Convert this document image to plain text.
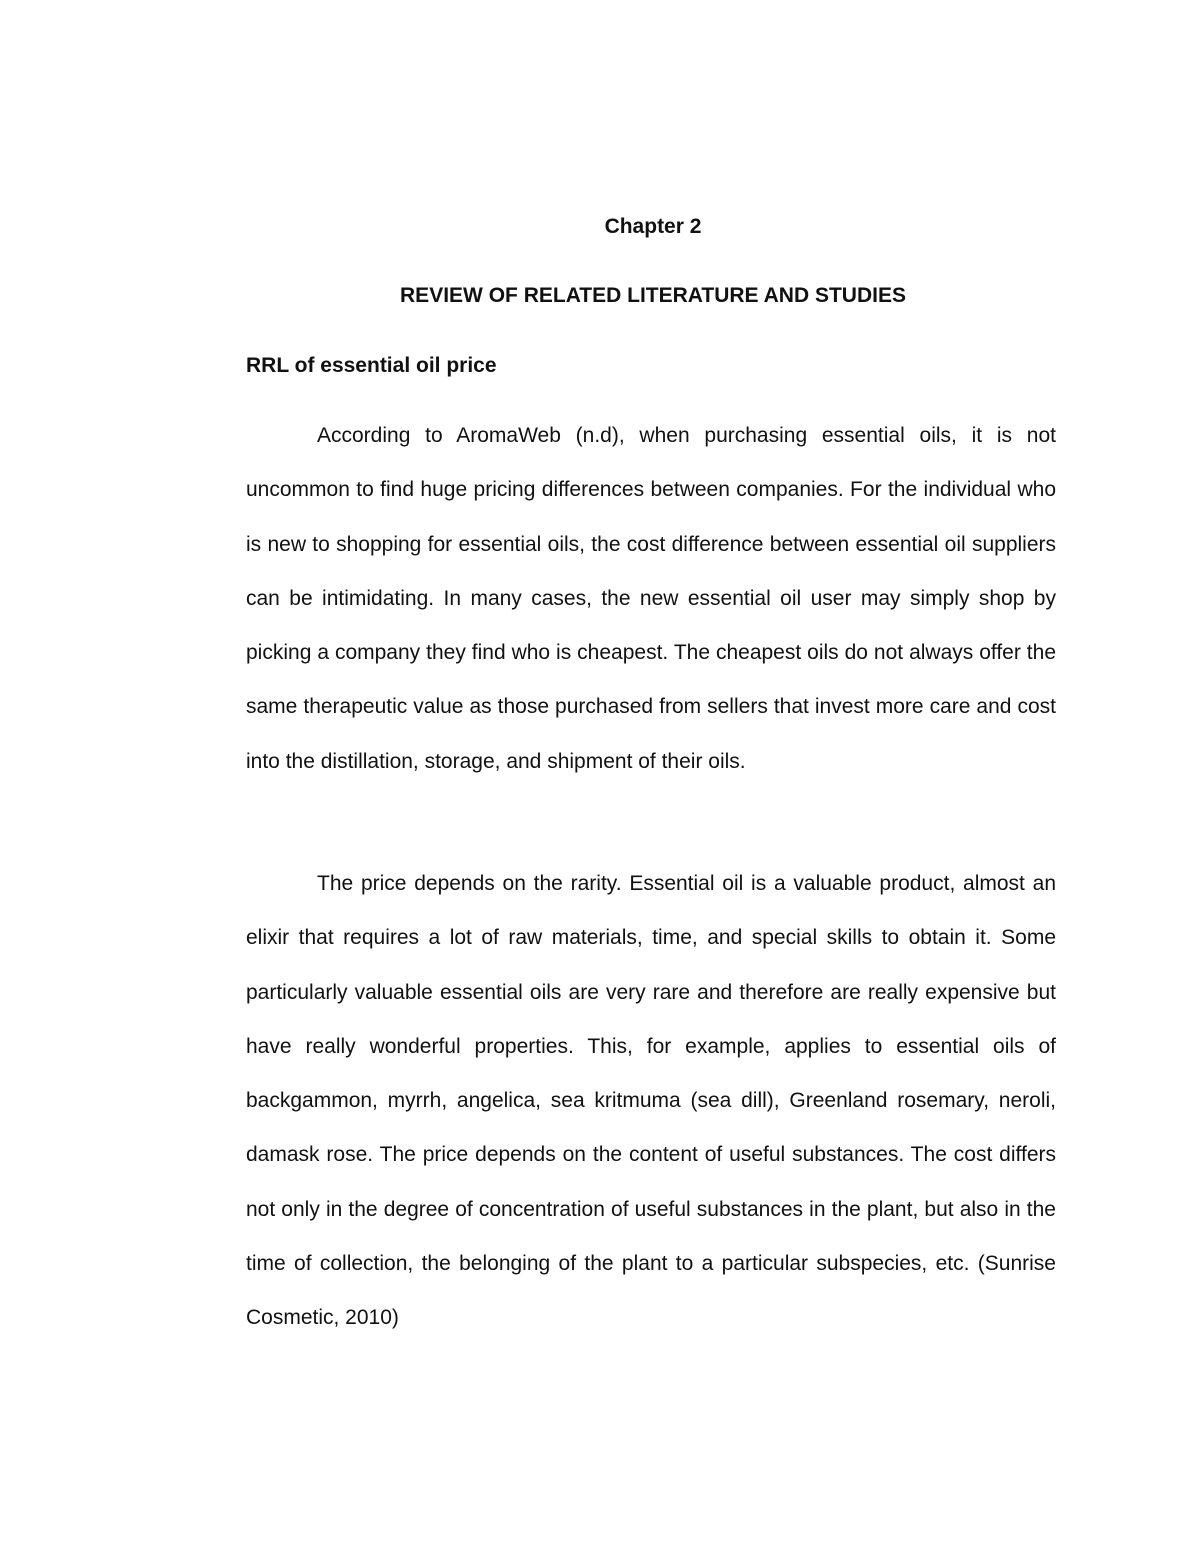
Chapter 2
REVIEW OF RELATED LITERATURE AND STUDIES
RRL of essential oil price

According to AromaWeb (n.d), when purchasing essential oils, it is not uncommon to find huge pricing differences between companies. For the individual who is new to shopping for essential oils, the cost difference between essential oil suppliers can be intimidating. In many cases, the new essential oil user may simply shop by picking a company they find who is cheapest. The cheapest oils do not always offer the same therapeutic value as those purchased from sellers that invest more care and cost into the distillation, storage, and shipment of their oils.

The price depends on the rarity. Essential oil is a valuable product, almost an elixir that requires a lot of raw materials, time, and special skills to obtain it. Some particularly valuable essential oils are very rare and therefore are really expensive but have really wonderful properties. This, for example, applies to essential oils of backgammon, myrrh, angelica, sea kritmuma (sea dill), Greenland rosemary, neroli, damask rose. The price depends on the content of useful substances. The cost differs not only in the degree of concentration of useful substances in the plant, but also in the time of collection, the belonging of the plant to a particular subspecies, etc. (Sunrise Cosmetic, 2010)
